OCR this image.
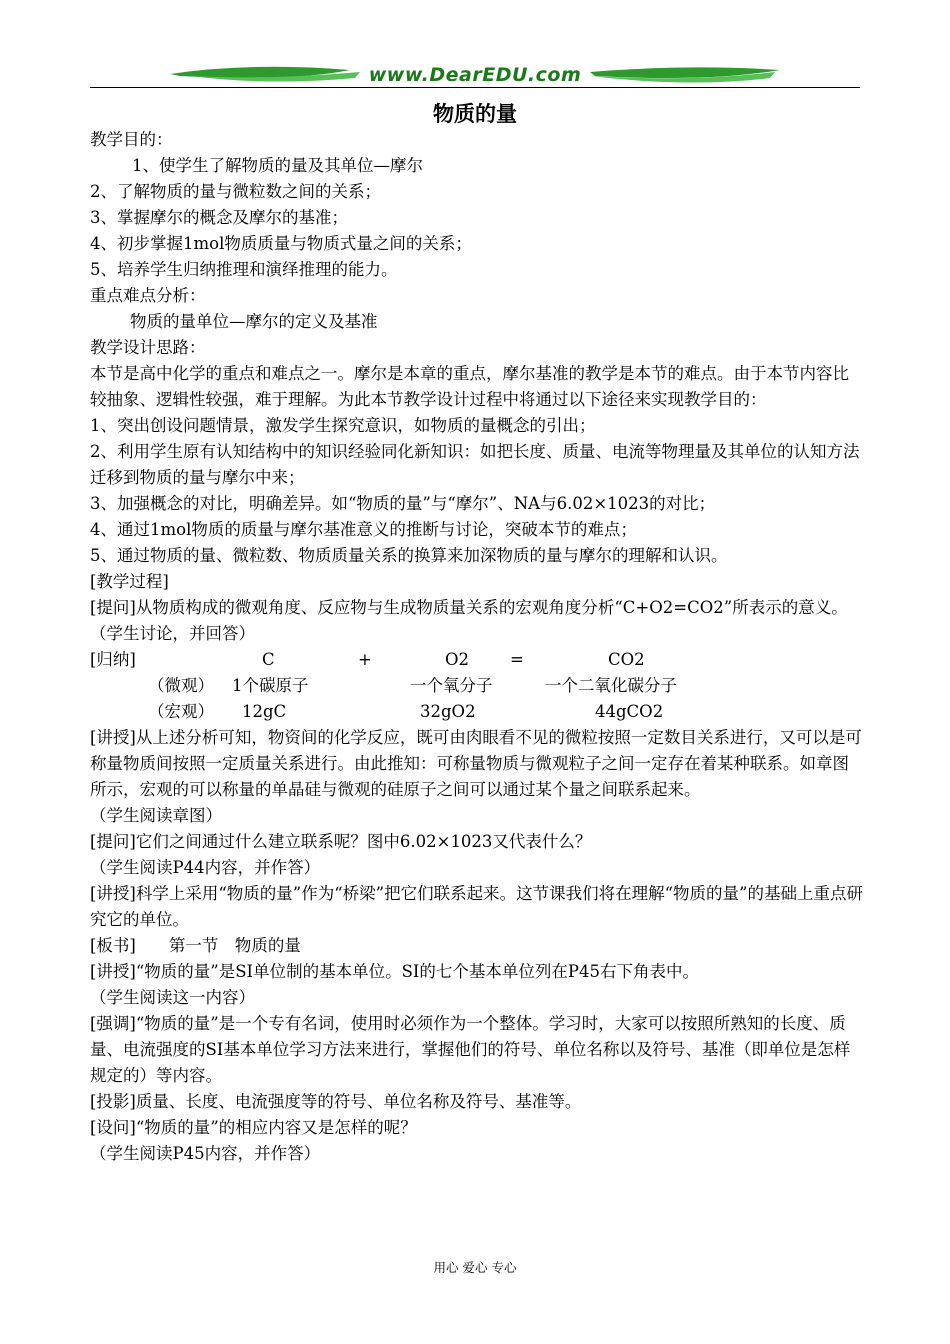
www.DearEDU.com
物质的量

教学目的：

1、使学生了解物质的量及其单位—摩尔

2、了解物质的量与微粒数之间的关系；

3、掌握摩尔的概念及摩尔的基准；

4、初步掌握1mol物质质量与物质式量之间的关系；

5、培养学生归纳推理和演绎推理的能力。

重点难点分析：

物质的量单位—摩尔的定义及基准

教学设计思路：

本节是高中化学的重点和难点之一。摩尔是本章的重点，摩尔基准的教学是本节的难点。由于本节内容比较抽象、逻辑性较强，难于理解。为此本节教学设计过程中将通过以下途径来实现教学目的：

1、突出创设问题情景，激发学生探究意识，如物质的量概念的引出；

2、利用学生原有认知结构中的知识经验同化新知识：如把长度、质量、电流等物理量及其单位的认知方法迁移到物质的量与摩尔中来；

3、加强概念的对比，明确差异。如“物质的量”与“摩尔”、NA与6.02×1023的对比；

4、通过1mol物质的质量与摩尔基准意义的推断与讨论，突破本节的难点；

5、通过物质的量、微粒数、物质质量关系的换算来加深物质的量与摩尔的理解和认识。

[教学过程]

[提问]从物质构成的微观角度、反应物与生成物质量关系的宏观角度分析“C+O2=CO2”所表示的意义。

（学生讨论，并回答）

[归纳]	C	+	O2 =	CO2
（微观） 1个碳原子	一个氧分子	一个二氧化碳分子
（宏观） 12gC	32gO2	44gCO2

[讲授]从上述分析可知，物资间的化学反应，既可由肉眼看不见的微粒按照一定数目关系进行，又可以是可称量物质间按照一定质量关系进行。由此推知：可称量物质与微观粒子之间一定存在着某种联系。如章图所示，宏观的可以称量的单晶硅与微观的硅原子之间可以通过某个量之间联系起来。

（学生阅读章图）

[提问]它们之间通过什么建立联系呢？图中6.02×1023又代表什么？

（学生阅读P44内容，并作答）

[讲授]科学上采用“物质的量”作为“桥梁”把它们联系起来。这节课我们将在理解“物质的量”的基础上重点研究它的单位。

[板书]　　第一节　物质的量

[讲授]“物质的量”是SI单位制的基本单位。SI的七个基本单位列在P45右下角表中。

（学生阅读这一内容）

[强调]“物质的量”是一个专有名词，使用时必须作为一个整体。学习时，大家可以按照所熟知的长度、质量、电流强度的SI基本单位学习方法来进行，掌握他们的符号、单位名称以及符号、基准（即单位是怎样规定的）等内容。

[投影]质量、长度、电流强度等的符号、单位名称及符号、基准等。

[设问]“物质的量”的相应内容又是怎样的呢？

（学生阅读P45内容，并作答）

用心 爱心 专心
